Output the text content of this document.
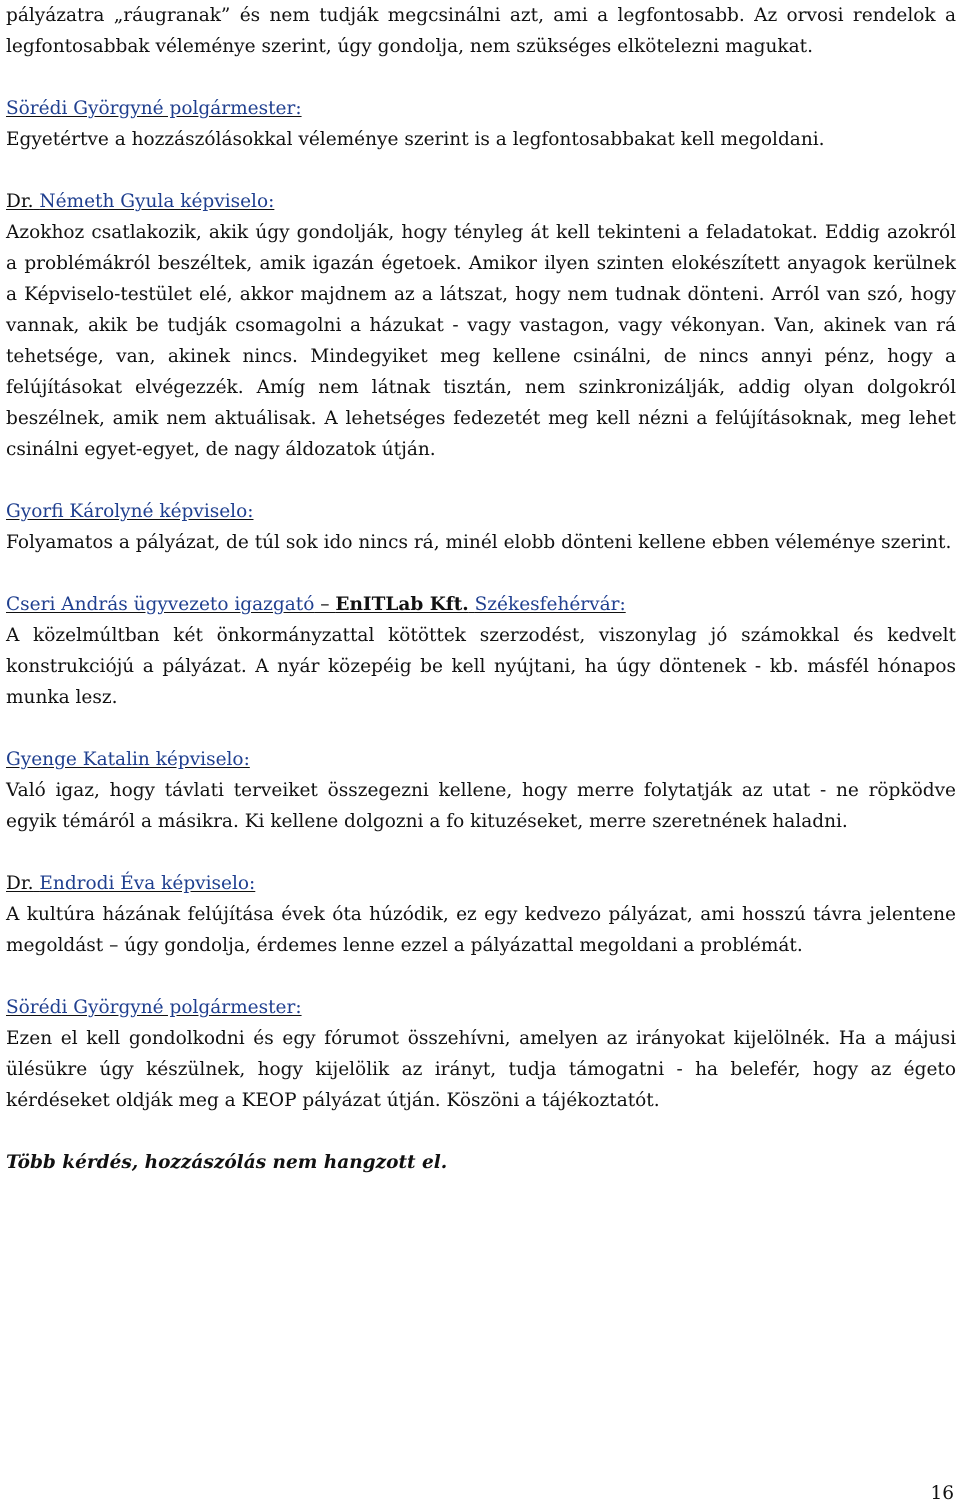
pályázatra „ráugranak” és nem tudják megcsinálni azt, ami a legfontosabb. Az orvosi rendelok a legfontosabbak véleménye szerint, úgy gondolja, nem szükséges elkötelezni magukat.

Sörédi Györgyné polgármester:

Egyetértve a hozzászólásokkal véleménye szerint is a legfontosabbakat kell megoldani.

Dr. Németh Gyula képviselo:

Azokhoz csatlakozik, akik úgy gondolják, hogy tényleg át kell tekinteni a feladatokat. Eddig azokról a problémákról beszéltek, amik igazán égetoek. Amikor ilyen szinten elokészített anyagok kerülnek a Képviselo-testület elé, akkor majdnem az a látszat, hogy nem tudnak dönteni. Arról van szó, hogy vannak, akik be tudják csomagolni a házukat - vagy vastagon, vagy vékonyan. Van, akinek van rá tehetsége, van, akinek nincs. Mindegyiket meg kellene csinálni, de nincs annyi pénz, hogy a felújításokat elvégezzék. Amíg nem látnak tisztán, nem szinkronizálják, addig olyan dolgokról beszélnek, amik nem aktuálisak. A lehetséges fedezetét meg kell nézni a felújításoknak, meg lehet csinálni egyet-egyet, de nagy áldozatok útján.

Gyorfi Károlyné képviselo:

Folyamatos a pályázat, de túl sok ido nincs rá, minél elobb dönteni kellene ebben véleménye szerint.

Cseri András ügyvezeto igazgató – EnITLab Kft. Székesfehérvár:

A közelmúltban két önkormányzattal kötöttek szerzodést, viszonylag jó számokkal és kedvelt konstrukciójú a pályázat. A nyár közepéig be kell nyújtani, ha úgy döntenek - kb. másfél hónapos munka lesz.

Gyenge Katalin képviselo:

Való igaz, hogy távlati terveiket összegezni kellene, hogy merre folytatják az utat - ne röpködve egyik témáról a másikra. Ki kellene dolgozni a fo kituzéseket, merre szeretnének haladni.

Dr. Endrodi Éva képviselo:

A kultúra házának felújítása évek óta húzódik, ez egy kedvezo pályázat, ami hosszú távra jelentene megoldást – úgy gondolja, érdemes lenne ezzel a pályázattal megoldani a problémát.

Sörédi Györgyné polgármester:

Ezen el kell gondolkodni és egy fórumot összehívni, amelyen az irányokat kijelölnék. Ha a májusi ülésükre úgy készülnek, hogy kijelölik az irányt, tudja támogatni - ha belefér, hogy az égeto kérdéseket oldják meg a KEOP pályázat útján. Köszöni a tájékoztatót.

Több kérdés, hozzászólás nem hangzott el.

16
